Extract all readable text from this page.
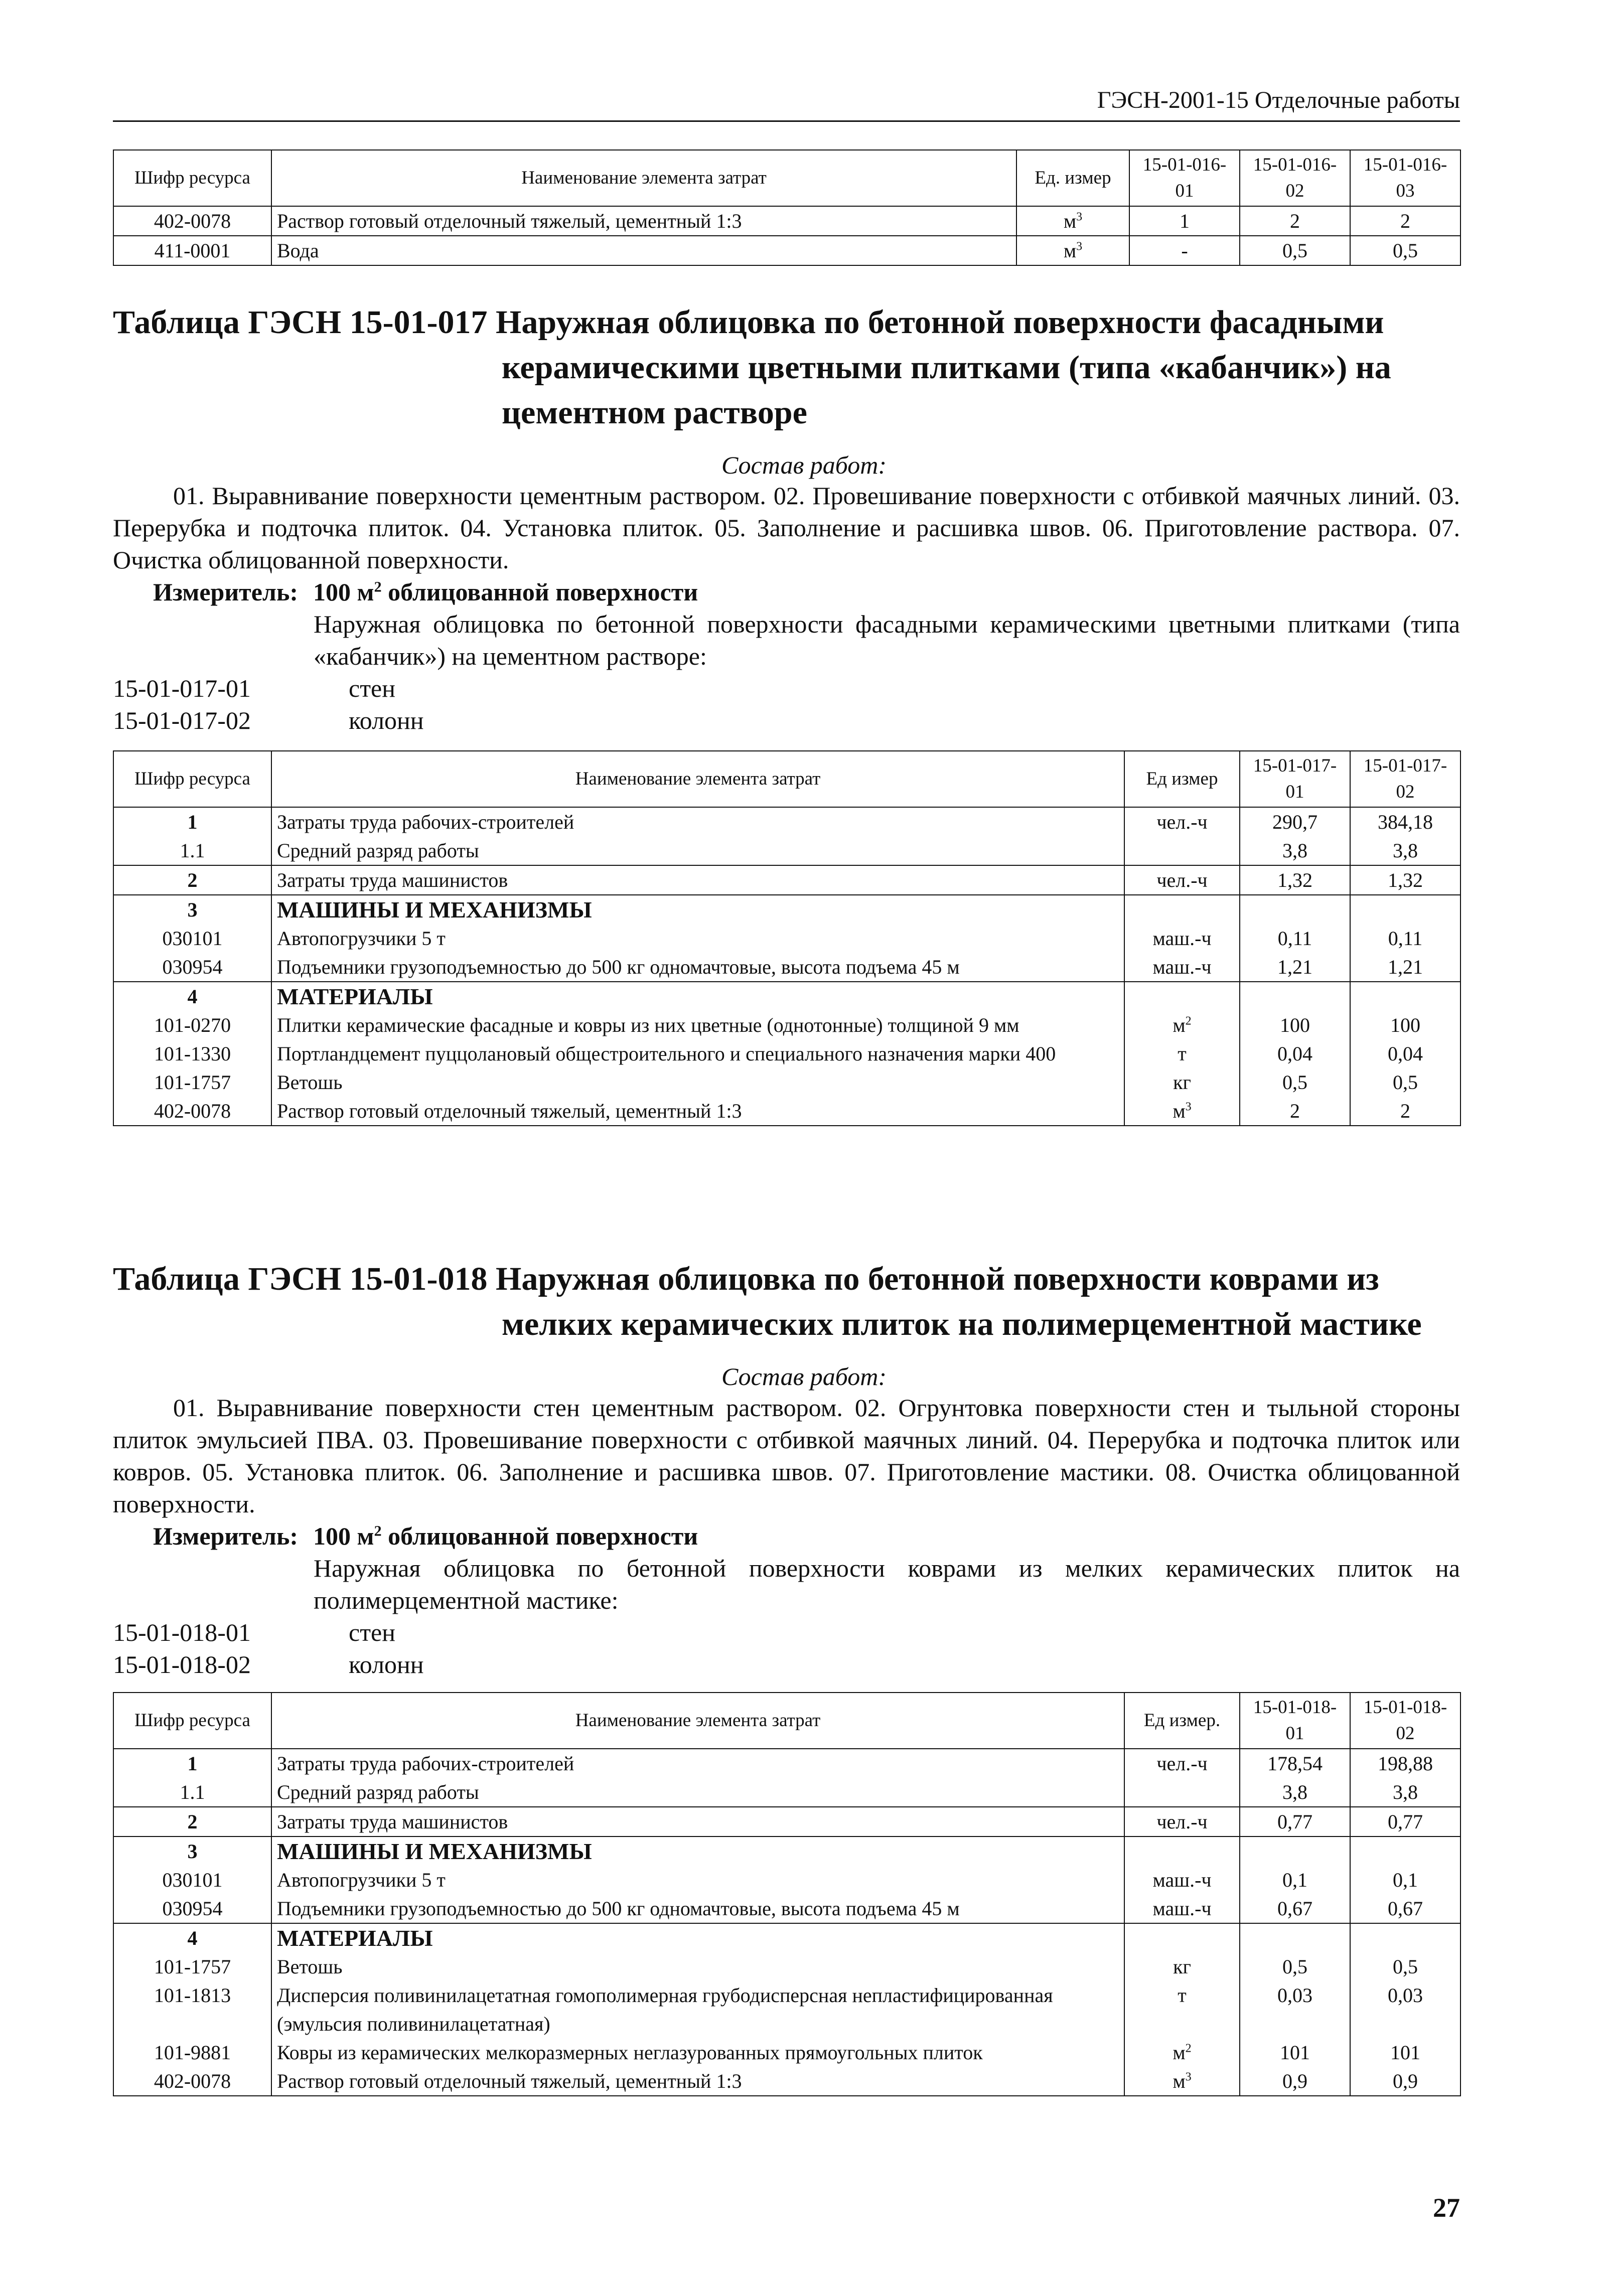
ГЭСН-2001-15 Отделочные работы
Шифр ресурса	Наименование элемента затрат	Ед. измер	15-01-016-01	15-01-016-02	15-01-016-03
402-0078	Раствор готовый отделочный тяжелый, цементный 1:3	$м^3$	1	2	2
411-0001	Вода	$м^3$	-	0,5	0,5
Таблица ГЭСН 15-01-017 Наружная облицовка по бетонной поверхности фасадными
керамическими цветными плитками (типа «кабанчик») на
цементном растворе
Состав работ:
01. Выравнивание поверхности цементным раствором. 02. Провешивание поверхности с отбивкой маячных линий. 03. Перерубка и подточка плиток. 04. Установка плиток. 05. Заполнение и расшивка швов. 06. Приготовление раствора. 07. Очистка облицованной поверхности.
Измеритель: 100 $м^2$ облицованной поверхности
Наружная облицовка по бетонной поверхности фасадными керамическими цветными плитками (типа «кабанчик») на цементном растворе:
15-01-017-01	стен
15-01-017-02	колонн
Шифр ресурса	Наименование элемента затрат	Ед измер	15-01-017-01	15-01-017-02
1	Затраты труда рабочих-строителей	чел.-ч	290,7	384,18
1.1	Средний разряд работы		3,8	3,8
2	Затраты труда машинистов	чел.-ч	1,32	1,32
3	МАШИНЫ И МЕХАНИЗМЫ			
030101	Автопогрузчики 5 т	маш.-ч	0,11	0,11
030954	Подъемники грузоподъемностью до 500 кг одномачтовые, высота подъема 45 м	маш.-ч	1,21	1,21
4	МАТЕРИАЛЫ			
101-0270	Плитки керамические фасадные и ковры из них цветные (однотонные) толщиной 9 мм	$м^2$	100	100
101-1330	Портландцемент пуццолановый общестроительного и специального назначения марки 400	т	0,04	0,04
101-1757	Ветошь	кг	0,5	0,5
402-0078	Раствор готовый отделочный тяжелый, цементный 1:3	$м^3$	2	2
Таблица ГЭСН 15-01-018 Наружная облицовка по бетонной поверхности коврами из
мелких керамических плиток на полимерцементной мастике
Состав работ:
01. Выравнивание поверхности стен цементным раствором. 02. Огрунтовка поверхности стен и тыльной стороны плиток эмульсией ПВА. 03. Провешивание поверхности с отбивкой маячных линий. 04. Перерубка и подточка плиток или ковров. 05. Установка плиток. 06. Заполнение и расшивка швов. 07. Приготовление мастики. 08. Очистка облицованной поверхности.
Измеритель: 100 $м^2$ облицованной поверхности
Наружная облицовка по бетонной поверхности коврами из мелких керамических плиток на полимерцементной мастике:
15-01-018-01	стен
15-01-018-02	колонн
Шифр ресурса	Наименование элемента затрат	Ед измер.	15-01-018-01	15-01-018-02
1	Затраты труда рабочих-строителей	чел.-ч	178,54	198,88
1.1	Средний разряд работы		3,8	3,8
2	Затраты труда машинистов	чел.-ч	0,77	0,77
3	МАШИНЫ И МЕХАНИЗМЫ			
030101	Автопогрузчики 5 т	маш.-ч	0,1	0,1
030954	Подъемники грузоподъемностью до 500 кг одномачтовые, высота подъема 45 м	маш.-ч	0,67	0,67
4	МАТЕРИАЛЫ			
101-1757	Ветошь	кг	0,5	0,5
101-1813	Дисперсия поливинилацетатная гомополимерная грубодисперсная непластифицированная (эмульсия поливинилацетатная)	т	0,03	0,03
101-9881	Ковры из керамических мелкоразмерных неглазурованных прямоугольных плиток	$м^2$	101	101
402-0078	Раствор готовый отделочный тяжелый, цементный 1:3	$м^3$	0,9	0,9
27
